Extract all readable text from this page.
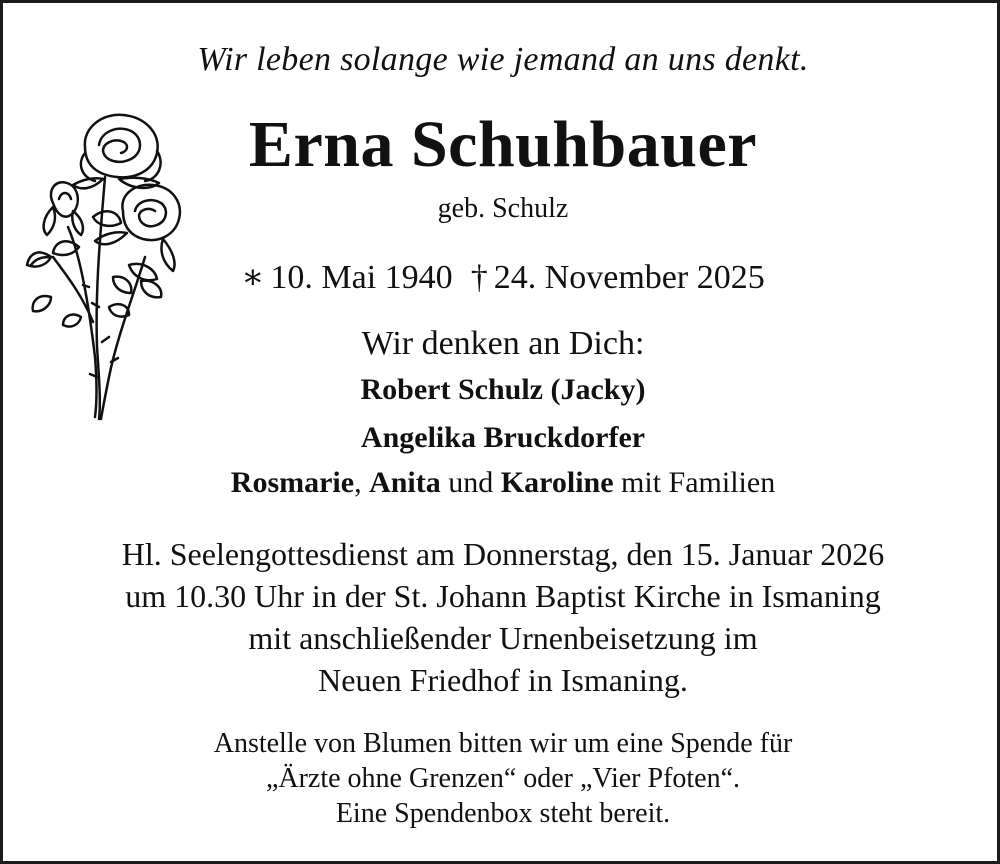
Wir leben solange wie jemand an uns denkt.
Erna Schuhbauer
geb. Schulz
∗ 10. Mai 1940 † 24. November 2025
Wir denken an Dich:
Robert Schulz (Jacky)
Angelika Bruckdorfer
Rosmarie, Anita und Karoline mit Familien
Hl. Seelengottesdienst am Donnerstag, den 15. Januar 2026
um 10.30 Uhr in der St. Johann Baptist Kirche in Ismaning
mit anschließender Urnenbeisetzung im
Neuen Friedhof in Ismaning.
Anstelle von Blumen bitten wir um eine Spende für
„Ärzte ohne Grenzen“ oder „Vier Pfoten“.
Eine Spendenbox steht bereit.
